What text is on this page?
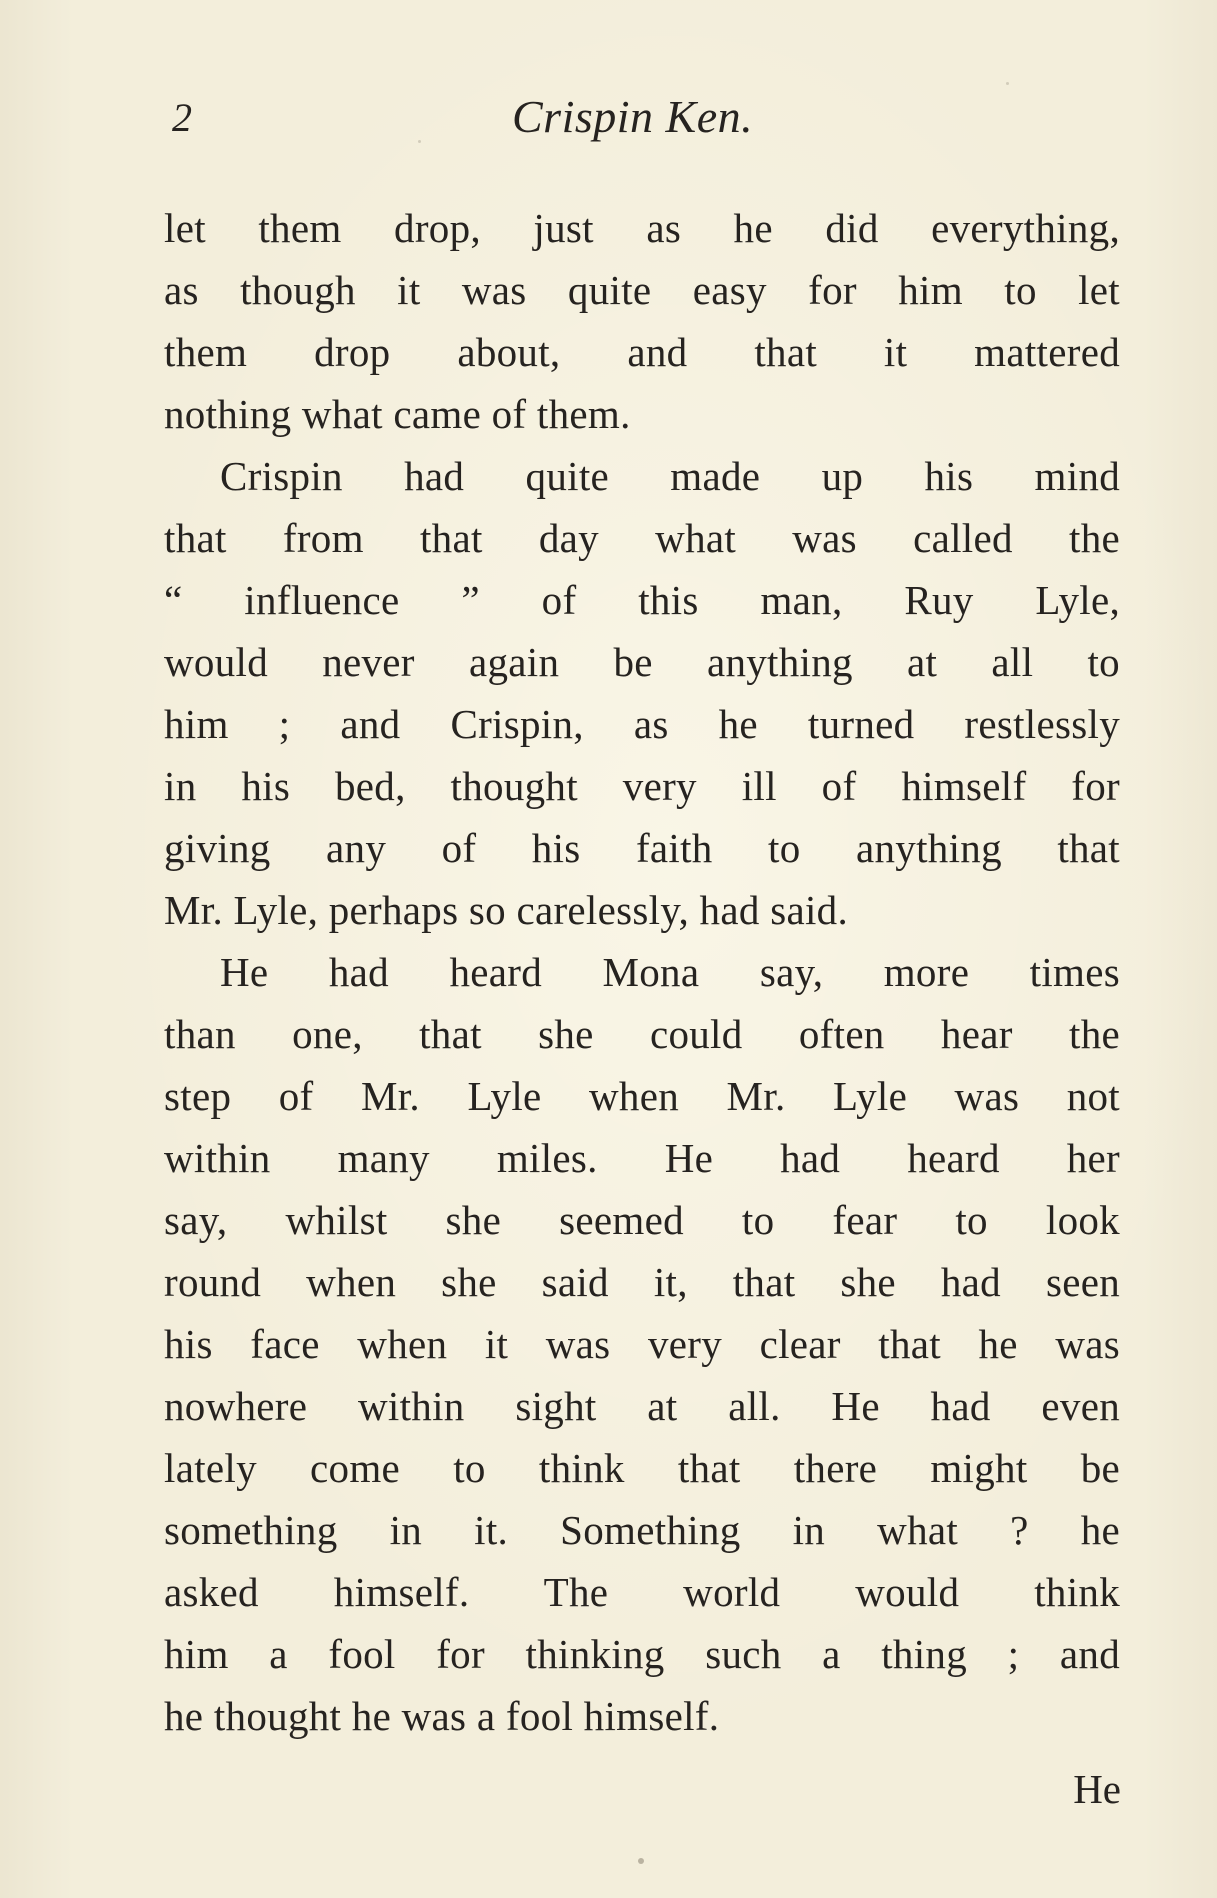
2	Crispin Ken.
let them drop, just as he did everything,
as though it was quite easy for him to let
them drop about, and that it mattered
nothing what came of them.
Crispin had quite made up his mind
that from that day what was called the
“ influence ” of this man, Ruy Lyle,
would never again be anything at all to
him ; and Crispin, as he turned restlessly
in his bed, thought very ill of himself for
giving any of his faith to anything that
Mr. Lyle, perhaps so carelessly, had said.
He had heard Mona say, more times
than one, that she could often hear the
step of Mr. Lyle when Mr. Lyle was not
within many miles. He had heard her
say, whilst she seemed to fear to look
round when she said it, that she had seen
his face when it was very clear that he was
nowhere within sight at all. He had even
lately come to think that there might be
something in it. Something in what ? he
asked himself. The world would think
him a fool for thinking such a thing ; and
he thought he was a fool himself.
He
